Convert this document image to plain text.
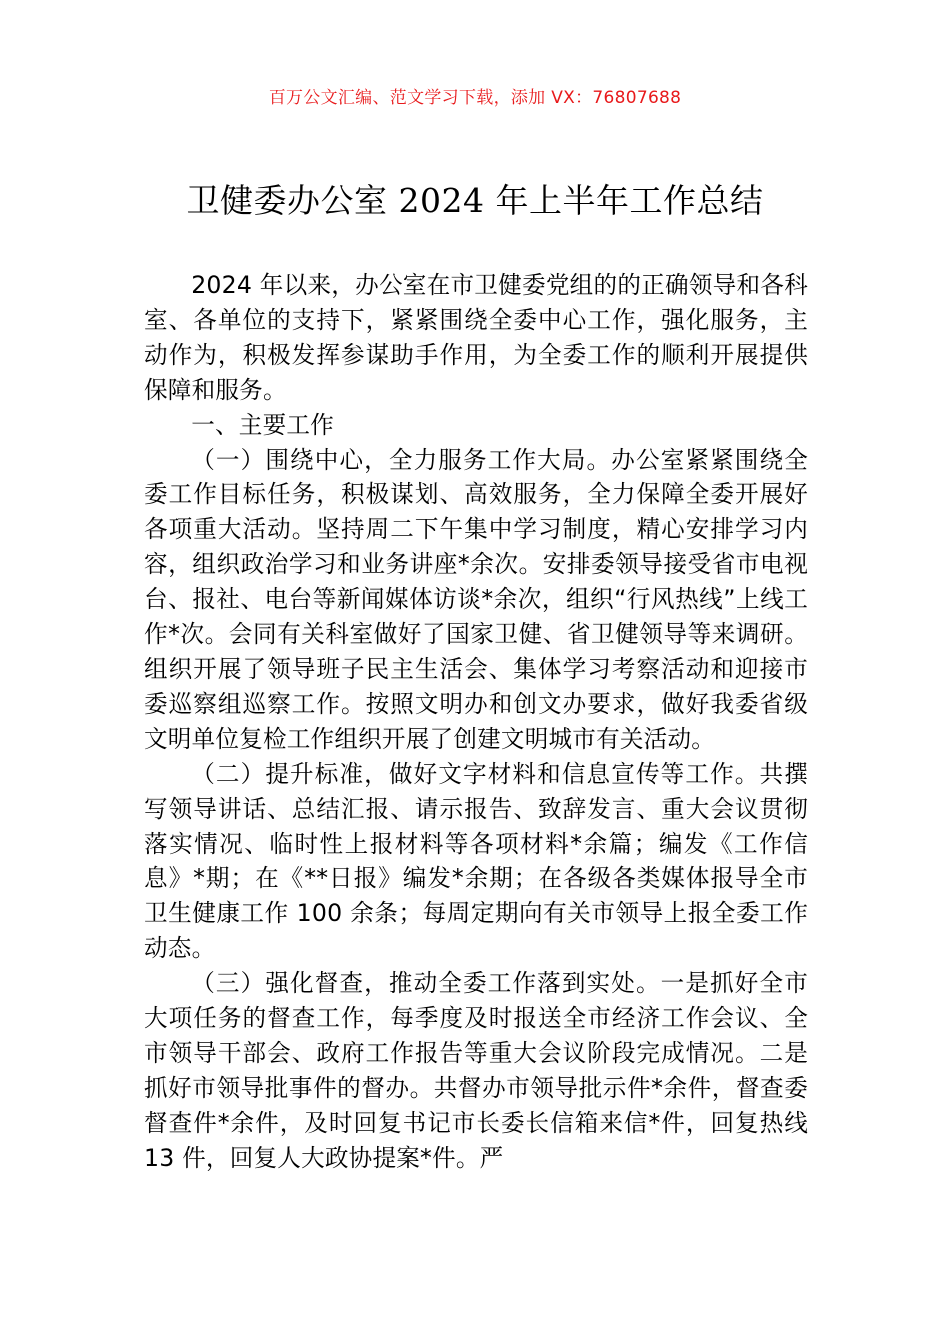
百万公文汇编、范文学习下载，添加 VX：76807688
卫健委办公室 2024 年上半年工作总结

2024 年以来，办公室在市卫健委党组的的正确领导和各科室、各单位的支持下，紧紧围绕全委中心工作，强化服务，主动作为，积极发挥参谋助手作用，为全委工作的顺利开展提供保障和服务。

一、主要工作

（一）围绕中心，全力服务工作大局。办公室紧紧围绕全委工作目标任务，积极谋划、高效服务，全力保障全委开展好各项重大活动。坚持周二下午集中学习制度，精心安排学习内容，组织政治学习和业务讲座*余次。安排委领导接受省市电视台、报社、电台等新闻媒体访谈*余次，组织“行风热线”上线工作*次。会同有关科室做好了国家卫健、省卫健领导等来调研。组织开展了领导班子民主生活会、集体学习考察活动和迎接市委巡察组巡察工作。按照文明办和创文办要求，做好我委省级文明单位复检工作组织开展了创建文明城市有关活动。

（二）提升标准，做好文字材料和信息宣传等工作。共撰写领导讲话、总结汇报、请示报告、致辞发言、重大会议贯彻落实情况、临时性上报材料等各项材料*余篇；编发《工作信息》*期；在《**日报》编发*余期；在各级各类媒体报导全市卫生健康工作 100 余条；每周定期向有关市领导上报全委工作动态。

（三）强化督查，推动全委工作落到实处。一是抓好全市大项任务的督查工作，每季度及时报送全市经济工作会议、全市领导干部会、政府工作报告等重大会议阶段完成情况。二是抓好市领导批事件的督办。共督办市领导批示件*余件，督查委督查件*余件，及时回复书记市长委长信箱来信*件，回复热线 13 件，回复人大政协提案*件。严
